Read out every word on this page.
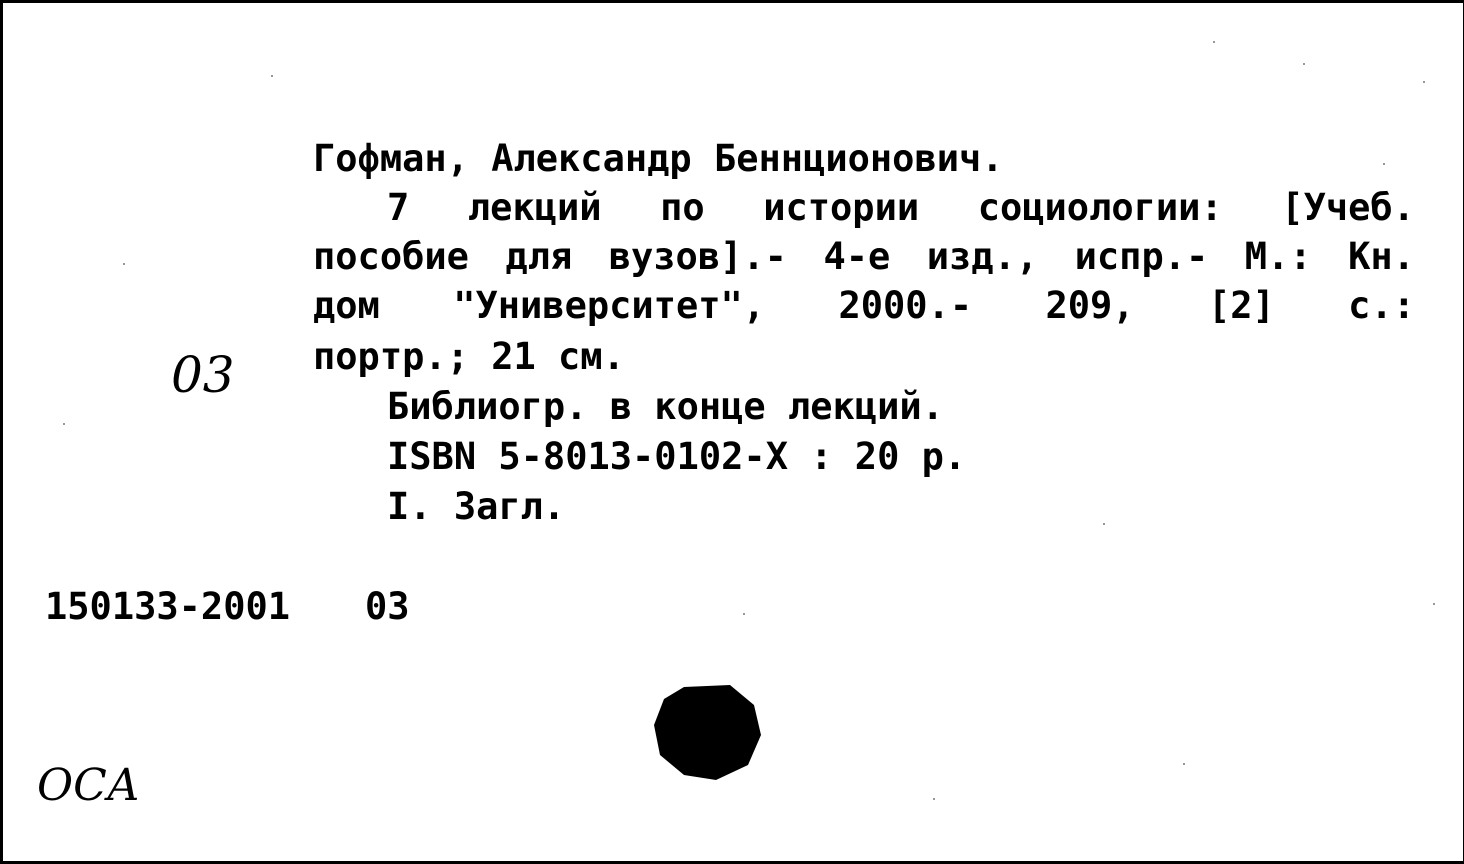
Гофман, Александр Беннционович.
7 лекций по истории социологии: [Учеб.
пособие для вузов].- 4-е изд., испр.- М.: Кн.
дом "Университет", 2000.- 209, [2] с.:
портр.; 21 см.
Библиогр. в конце лекций.
ISBN 5-8013-0102-X : 20 р.
I. Загл.
150133-2001 03
03
ОСА
